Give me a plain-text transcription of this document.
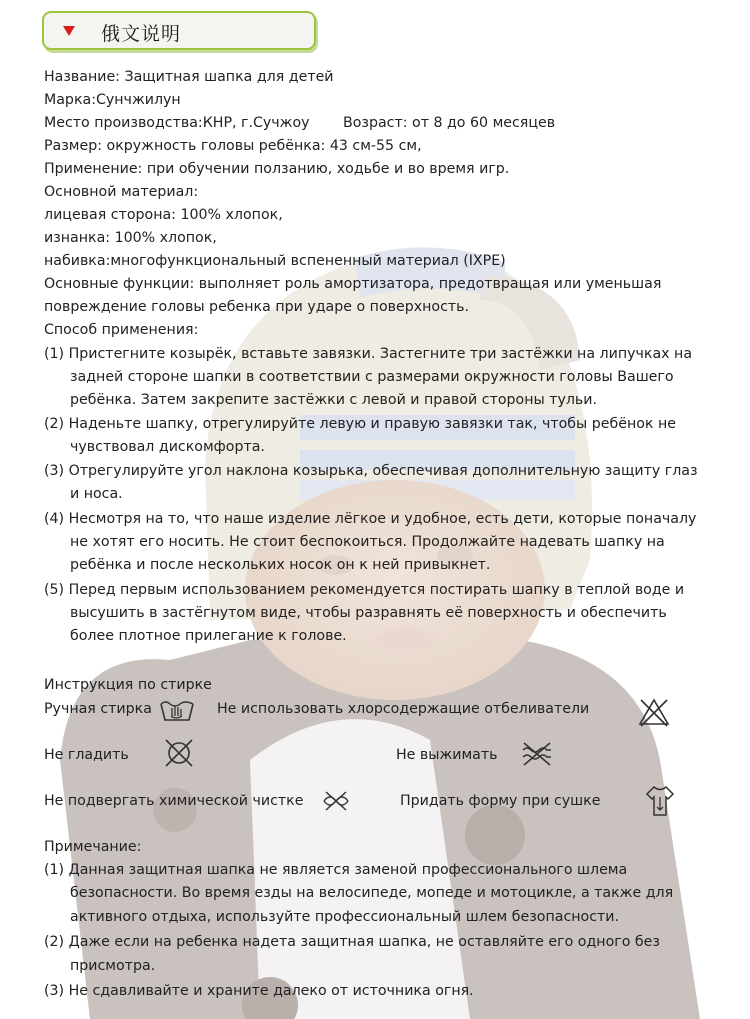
俄文说明
Название: Защитная шапка для детей
Марка:Сунчжилун
Место производства:КНР, г.Сучжоу Возраст: от 8 до 60 месяцев
Размер: окружность головы ребёнка: 43 см-55 см,
Применение: при обучении ползанию, ходьбе и во время игр.
Основной материал:
лицевая сторона: 100% хлопок,
изнанка: 100% хлопок,
набивка:многофункциональный вспененный материал (IXPE)
Основные функции: выполняет роль амортизатора, предотвращая или уменьшая
повреждение головы ребенка при ударе о поверхность.
Способ применения:
(1) Пристегните козырёк, вставьте завязки. Застегните три застёжки на липучках на
задней стороне шапки в соответствии с размерами окружности головы Вашего
ребёнка. Затем закрепите застёжки с левой и правой стороны тульи.
(2) Наденьте шапку, отрегулируйте левую и правую завязки так, чтобы ребёнок не
чувствовал дискомфорта.
(3) Отрегулируйте угол наклона козырька, обеспечивая дополнительную защиту глаз
и носа.
(4) Несмотря на то, что наше изделие лёгкое и удобное, есть дети, которые поначалу
не хотят его носить. Не стоит беспокоиться. Продолжайте надевать шапку на
ребёнка и после нескольких носок он к ней привыкнет.
(5) Перед первым использованием рекомендуется постирать шапку в теплой воде и
высушить в застёгнутом виде, чтобы разравнять её поверхность и обеспечить
более плотное прилегание к голове.
Инструкция по стирке
Ручная стирка	Не использовать хлорсодержащие отбеливатели
Не гладить	Не выжимать
Не подвергать химической чистке	Придать форму при сушке
Примечание:
(1) Данная защитная шапка не является заменой профессионального шлема
безопасности. Во время езды на велосипеде, мопеде и мотоцикле, а также для
активного отдыха, используйте профессиональный шлем безопасности.
(2) Даже если на ребенка надета защитная шапка, не оставляйте его одного без
присмотра.
(3) Не сдавливайте и храните далеко от источника огня.
